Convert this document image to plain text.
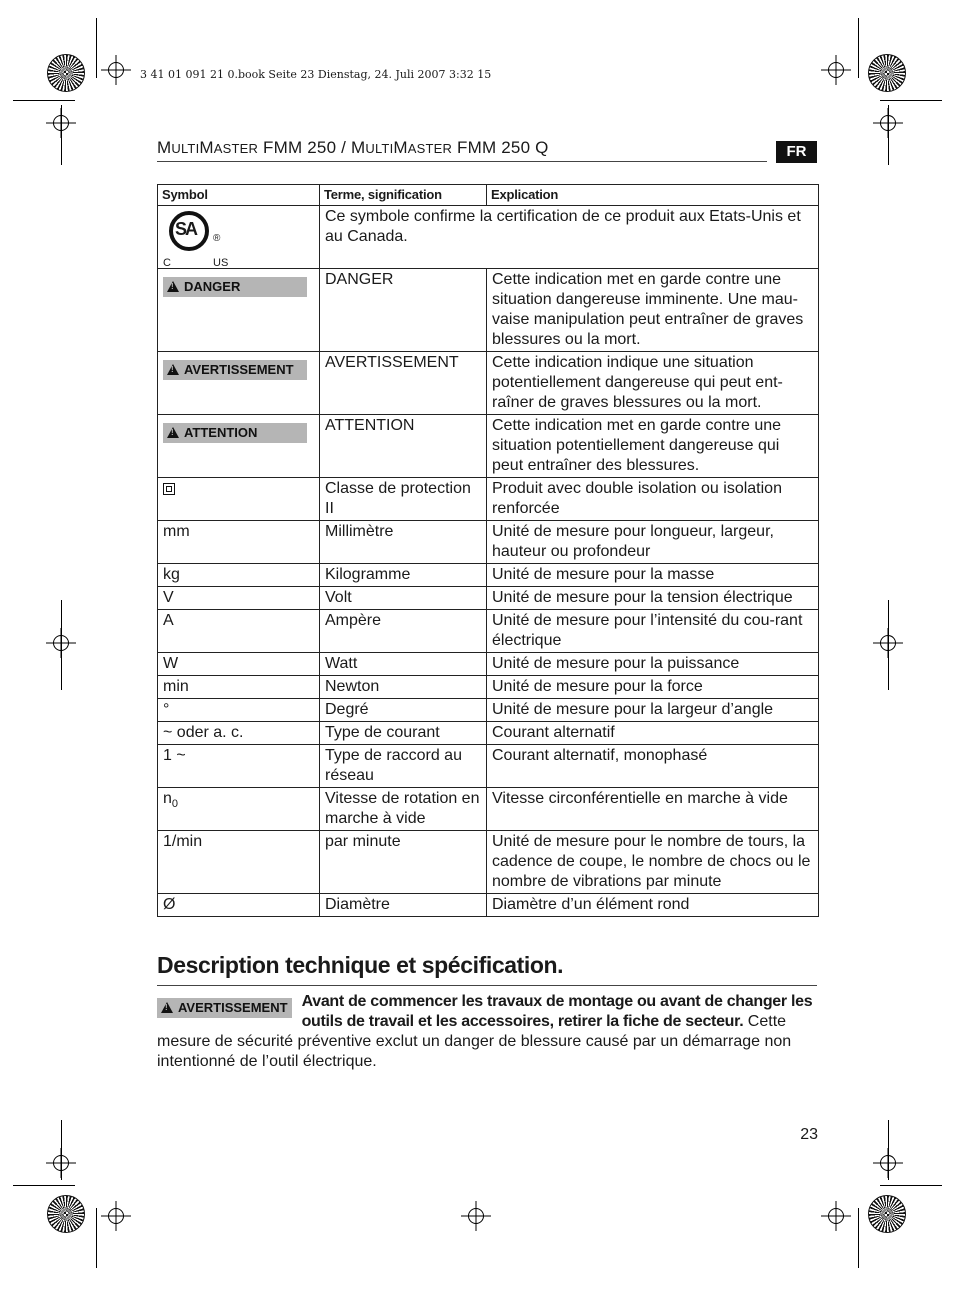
3 41 01 091 21 0.book Seite 23 Dienstag, 24. Juli 2007 3:32 15
MULTIMASTER FMM 250 / MULTIMASTER FMM 250 Q	FR
Symbol	Terme, signification	Explication

SA ®
C US	Ce symbole confirme la certification de ce produit aux Etats-Unis et au Canada.	

!DANGER	DANGER	Cette indication met en garde contre une situation dangereuse imminente. Une mau-vaise manipulation peut entraîner de graves blessures ou la mort.

!AVERTISSEMENT	AVERTISSEMENT	Cette indication indique une situation potentiellement dangereuse qui peut ent-raîner de graves blessures ou la mort.

!ATTENTION	ATTENTION	Cette indication met en garde contre une situation potentiellement dangereuse qui peut entraîner des blessures.
	Classe de protection II	Produit avec double isolation ou isolation renforcée
mm	Millimètre	Unité de mesure pour longueur, largeur, hauteur ou profondeur
kg	Kilogramme	Unité de mesure pour la masse
V	Volt	Unité de mesure pour la tension électrique
A	Ampère	Unité de mesure pour l’intensité du cou-rant électrique
W	Watt	Unité de mesure pour la puissance
min	Newton	Unité de mesure pour la force
°	Degré	Unité de mesure pour la largeur d’angle
~ oder a. c.	Type de courant	Courant alternatif
1 ~	Type de raccord au réseau	Courant alternatif, monophasé
$n_0$	Vitesse de rotation en marche à vide	Vitesse circonférentielle en marche à vide
1/min	par minute	Unité de mesure pour le nombre de tours, la cadence de coupe, le nombre de chocs ou le nombre de vibrations par minute
Ø	Diamètre	Diamètre d’un élément rond
Description technique et spécification.
!AVERTISSEMENT Avant de commencer les travaux de montage ou avant de changer les outils de travail et les accessoires, retirer la fiche de secteur. Cette mesure de sécurité préventive exclut un danger de blessure causé par un démarrage non intentionné de l’outil électrique.
23
